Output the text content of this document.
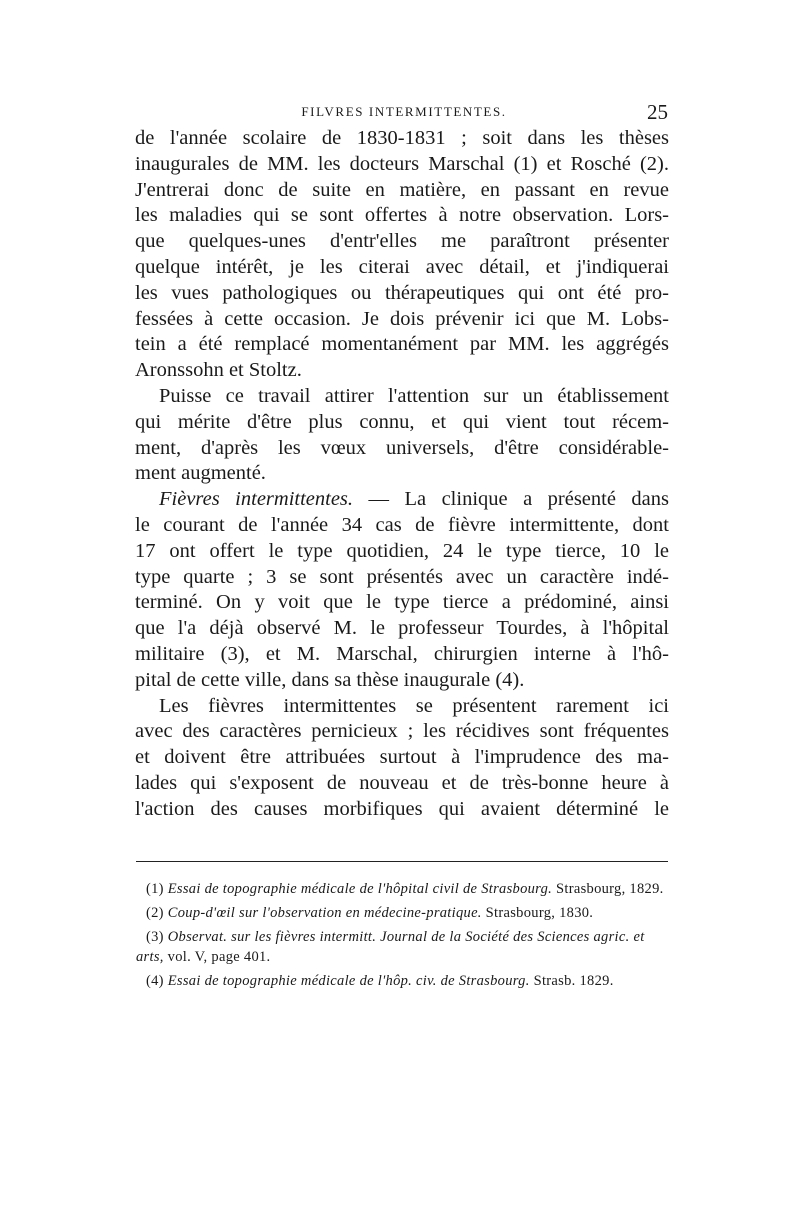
FILVRES INTERMITTENTES.	25

de l'année scolaire de 1830-1831 ; soit dans les thèses
inaugurales de MM. les docteurs Marschal (1) et Rosché (2).
J'entrerai donc de suite en matière, en passant en revue
les maladies qui se sont offertes à notre observation. Lors-
que quelques-unes d'entr'elles me paraîtront présenter
quelque intérêt, je les citerai avec détail, et j'indiquerai
les vues pathologiques ou thérapeutiques qui ont été pro-
fessées à cette occasion. Je dois prévenir ici que M. Lobs-
tein a été remplacé momentanément par MM. les aggrégés
Aronssohn et Stoltz.

Puisse ce travail attirer l'attention sur un établissement
qui mérite d'être plus connu, et qui vient tout récem-
ment, d'après les vœux universels, d'être considérable-
ment augmenté.

Fièvres intermittentes. — La clinique a présenté dans
le courant de l'année 34 cas de fièvre intermittente, dont
17 ont offert le type quotidien, 24 le type tierce, 10 le
type quarte ; 3 se sont présentés avec un caractère indé-
terminé. On y voit que le type tierce a prédominé, ainsi
que l'a déjà observé M. le professeur Tourdes, à l'hôpital
militaire (3), et M. Marschal, chirurgien interne à l'hô-
pital de cette ville, dans sa thèse inaugurale (4).

Les fièvres intermittentes se présentent rarement ici
avec des caractères pernicieux ; les récidives sont fréquentes
et doivent être attribuées surtout à l'imprudence des ma-
lades qui s'exposent de nouveau et de très-bonne heure à
l'action des causes morbifiques qui avaient déterminé le

(1) Essai de topographie médicale de l'hôpital civil de Strasbourg. Strasbourg, 1829.

(2) Coup-d'œil sur l'observation en médecine-pratique. Strasbourg, 1830.

(3) Observat. sur les fièvres intermitt. Journal de la Société des Sciences agric. et arts, vol. V, page 401.

(4) Essai de topographie médicale de l'hôp. civ. de Strasbourg. Strasb. 1829.
